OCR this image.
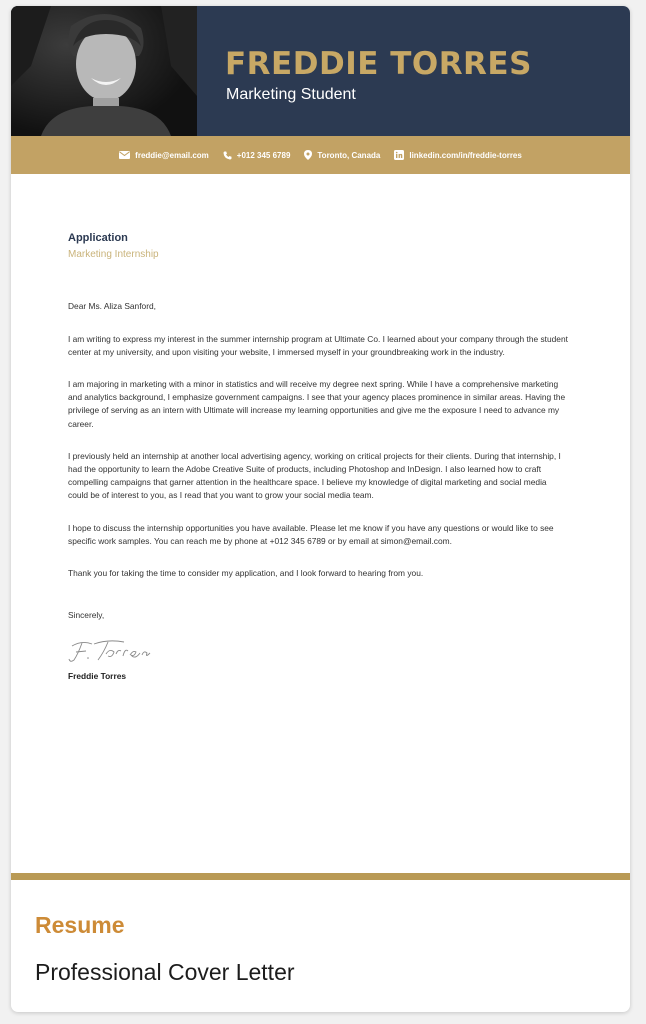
FREDDIE TORRES
Marketing Student
freddie@email.com	+012 345 6789	Toronto, Canada	linkedin.com/in/freddie-torres
Application
Marketing Internship
Dear Ms. Aliza Sanford,
I am writing to express my interest in the summer internship program at Ultimate Co. I learned about your company through the student center at my university, and upon visiting your website, I immersed myself in your groundbreaking work in the industry.
I am majoring in marketing with a minor in statistics and will receive my degree next spring. While I have a comprehensive marketing and analytics background, I emphasize government campaigns. I see that your agency places prominence in similar areas. Having the privilege of serving as an intern with Ultimate will increase my learning opportunities and give me the exposure I need to advance my career.
I previously held an internship at another local advertising agency, working on critical projects for their clients. During that internship, I had the opportunity to learn the Adobe Creative Suite of products, including Photoshop and InDesign. I also learned how to craft compelling campaigns that garner attention in the healthcare space. I believe my knowledge of digital marketing and social media could be of interest to you, as I read that you want to grow your social media team.
I hope to discuss the internship opportunities you have available. Please let me know if you have any questions or would like to see specific work samples. You can reach me by phone at +012 345 6789 or by email at simon@email.com.
Thank you for taking the time to consider my application, and I look forward to hearing from you.
Sincerely,
Freddie Torres
Resume
Professional Cover Letter
